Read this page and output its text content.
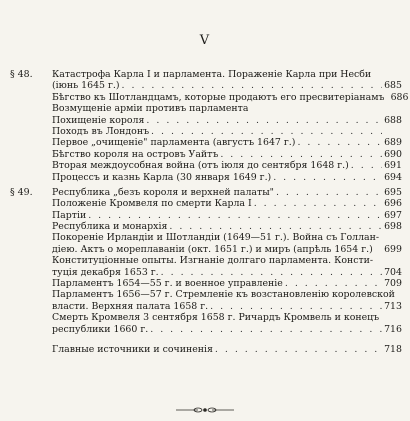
V
§ 48.	Катастрофа Карла I и парламента. Пораженіе Карла при Несби
(іюнь 1645 г.) . . .	685
Бѣгство къ Шотландцамъ, которые продаютъ его пресвитеріанамъ 686
Возмущеніе арміи противъ парламента
Похищеніе короля . . .	688
Походъ въ Лондонъ
. . .
Первое „очищеніе" парламента (августъ 1647 г.) . . .	689
Бѣгство короля на островъ Уайтъ . . .	690
Вторая междоусобная война (отъ іюля до сентября 1648 г.) . . .	691
Процессъ и казнь Карла (30 января 1649 г.) . . .	694
§ 49.	Республика „безъ короля и верхней палаты" . . .	695
Положеніе Кромвеля по смерти Карла I . . .	696
Партіи . . .	697
Республика и монархія . . .	698
Покореніе Ирландіи и Шотландіи (1649—51 г.). Война съ Голлан-
діею. Актъ о мореплаваніи (окт. 1651 г.) и миръ (апрѣль 1654 г.) 699
Конституціонные опыты. Изгнаніе долгаго парламента. Консти-
туція декабря 1653 г. . . .	704
Парламентъ 1654—55 г. и военное управленіе . . .	709
Парламентъ 1656—57 г. Стремленіе къ возстановленію королевской
власти. Верхняя палата 1658 г. . . .	713
Смерть Кромвеля 3 сентября 1658 г. Ричардъ Кромвель и конецъ
республики 1660 г. . . .	716
Главные источники и сочиненія . . .	718
